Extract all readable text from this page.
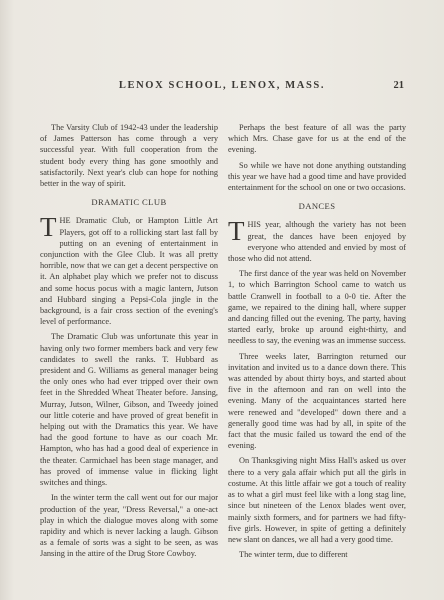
LENOX SCHOOL, LENOX, MASS.	21

The Varsity Club of 1942-43 under the leadership of James Patterson has come through a very successful year. With full cooperation from the student body every thing has gone smoothly and satisfactorily. Next year's club can hope for nothing better in the way of spirit.

DRAMATIC CLUB

THE Dramatic Club, or Hampton Little Art Players, got off to a rollicking start last fall by putting on an evening of entertainment in conjunction with the Glee Club. It was all pretty horrible, now that we can get a decent perspective on it. An alphabet play which we prefer not to discuss and some hocus pocus with a magic lantern, Jutson and Hubbard singing a Pepsi-Cola jingle in the background, is a fair cross section of the evening's level of performance.

The Dramatic Club was unfortunate this year in having only two former members back and very few candidates to swell the ranks. T. Hubbard as president and G. Williams as general manager being the only ones who had ever tripped over their own feet in the Shredded Wheat Theater before. Jansing, Murray, Jutson, Wilner, Gibson, and Tweedy joined our little coterie and have proved of great benefit in helping out with the Dramatics this year. We have had the good fortune to have as our coach Mr. Hampton, who has had a good deal of experience in the theater. Carmichael has been stage manager, and has proved of immense value in flicking light switches and things.

In the winter term the call went out for our major production of the year, "Dress Reversal," a one-act play in which the dialogue moves along with some rapidity and which is never lacking a laugh. Gibson as a female of sorts was a sight to be seen, as was Jansing in the attire of the Drug Store Cowboy.

Perhaps the best feature of all was the party which Mrs. Chase gave for us at the end of the evening.

So while we have not done anything outstanding this year we have had a good time and have provided entertainment for the school on one or two occasions.

DANCES

THIS year, although the variety has not been great, the dances have been enjoyed by everyone who attended and envied by most of those who did not attend.

The first dance of the year was held on November 1, to which Barrington School came to watch us battle Cranwell in football to a 0-0 tie. After the game, we repaired to the dining hall, where supper and dancing filled out the evening. The party, having started early, broke up around eight-thirty, and needless to say, the evening was an immense success.

Three weeks later, Barrington returned our invitation and invited us to a dance down there. This was attended by about thirty boys, and started about five in the afternoon and ran on well into the evening. Many of the acquaintances started here were renewed and "developed" down there and a generally good time was had by all, in spite of the fact that the music failed us toward the end of the evening.

On Thanksgiving night Miss Hall's asked us over there to a very gala affair which put all the girls in costume. At this little affair we got a touch of reality as to what a girl must feel like with a long stag line, since but nineteen of the Lenox blades went over, mainly sixth formers, and for partners we had fifty-five girls. However, in spite of getting a definitely new slant on dances, we all had a very good time.

The winter term, due to different
